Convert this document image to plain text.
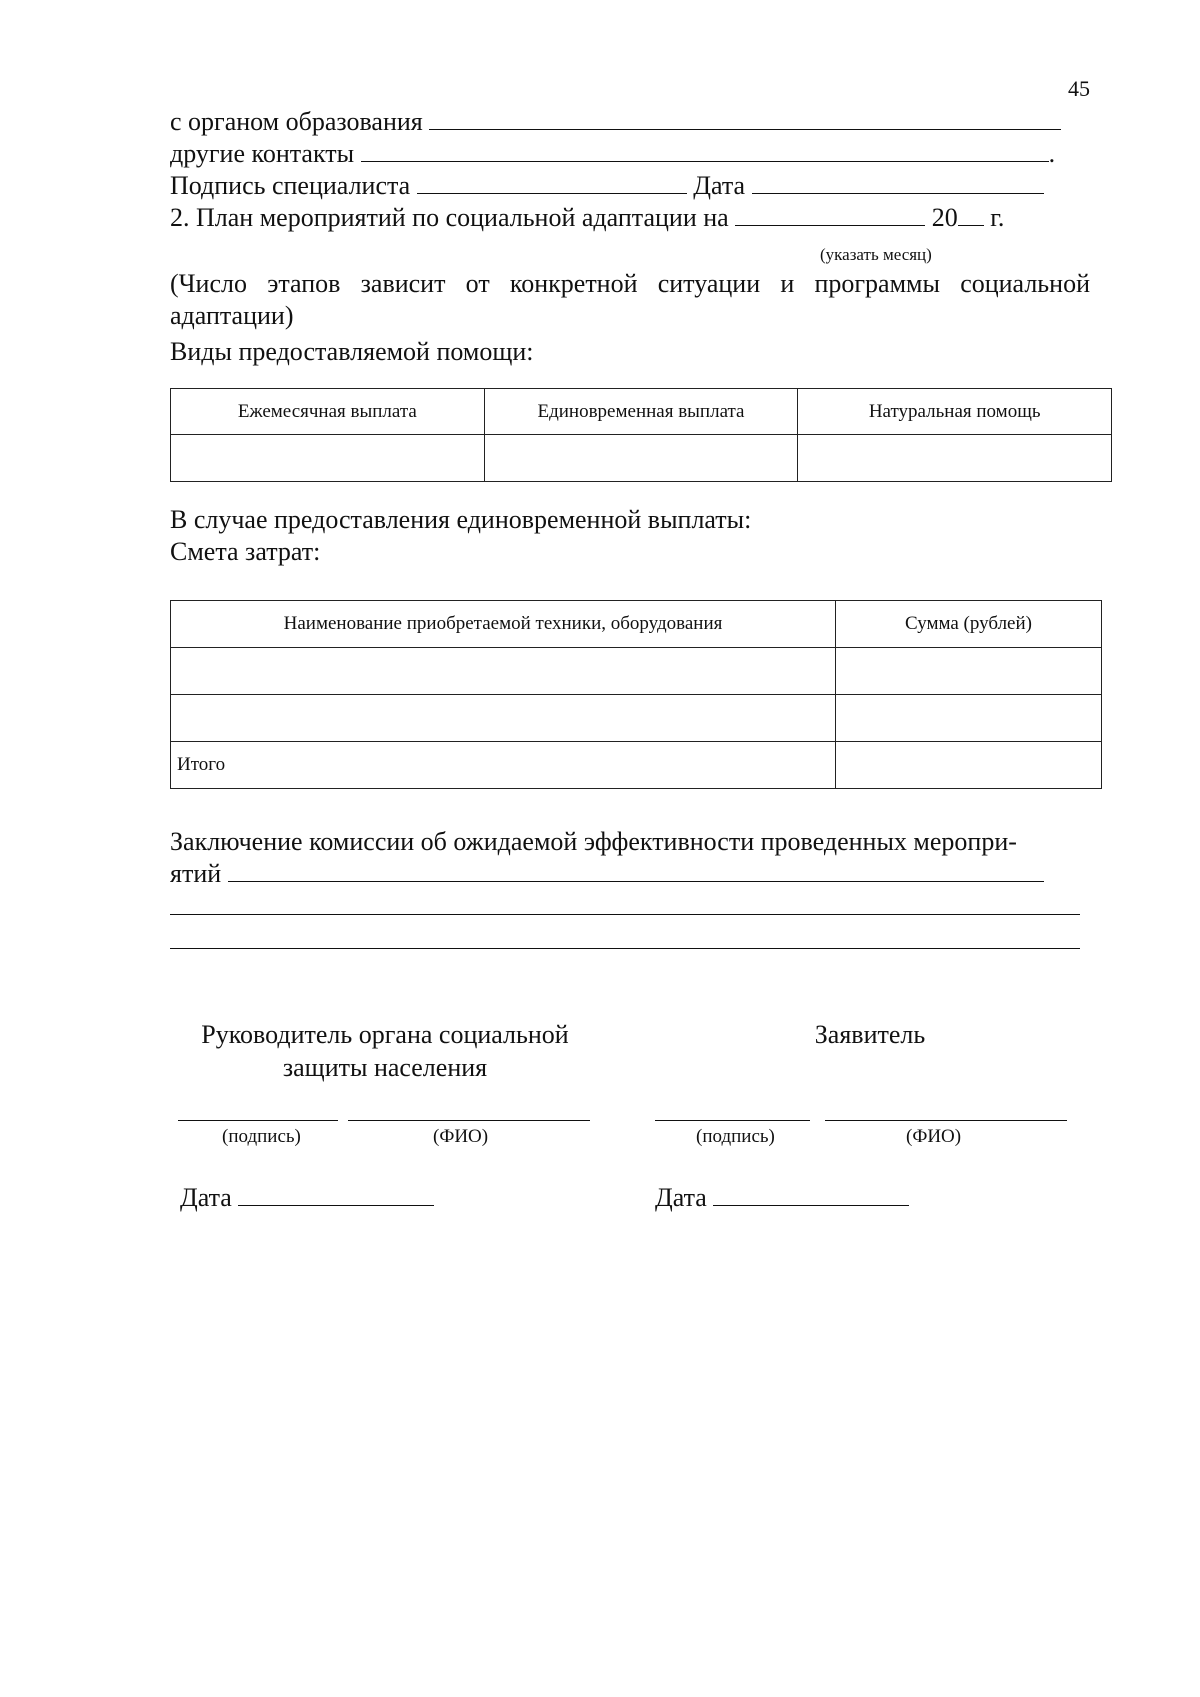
45
с органом образования
другие контакты	.
Подпись специалиста	Дата
2. План мероприятий по социальной адаптации на	20 г.
(указать месяц)
(Число этапов зависит от конкретной ситуации и программы социальной адаптации)
Виды предоставляемой помощи:
Ежемесячная выплата	Единовременная выплата	Натуральная помощь

В случае предоставления единовременной выплаты:
Смета затрат:
Наименование приобретаемой техники, оборудования	Сумма (рублей)

Итого	
Заключение комиссии об ожидаемой эффективности проведенных меропри-
ятий
Руководитель органа социальной
защиты населения
Заявитель
(подпись)	(ФИО)	(подпись)	(ФИО)
Дата	Дата
